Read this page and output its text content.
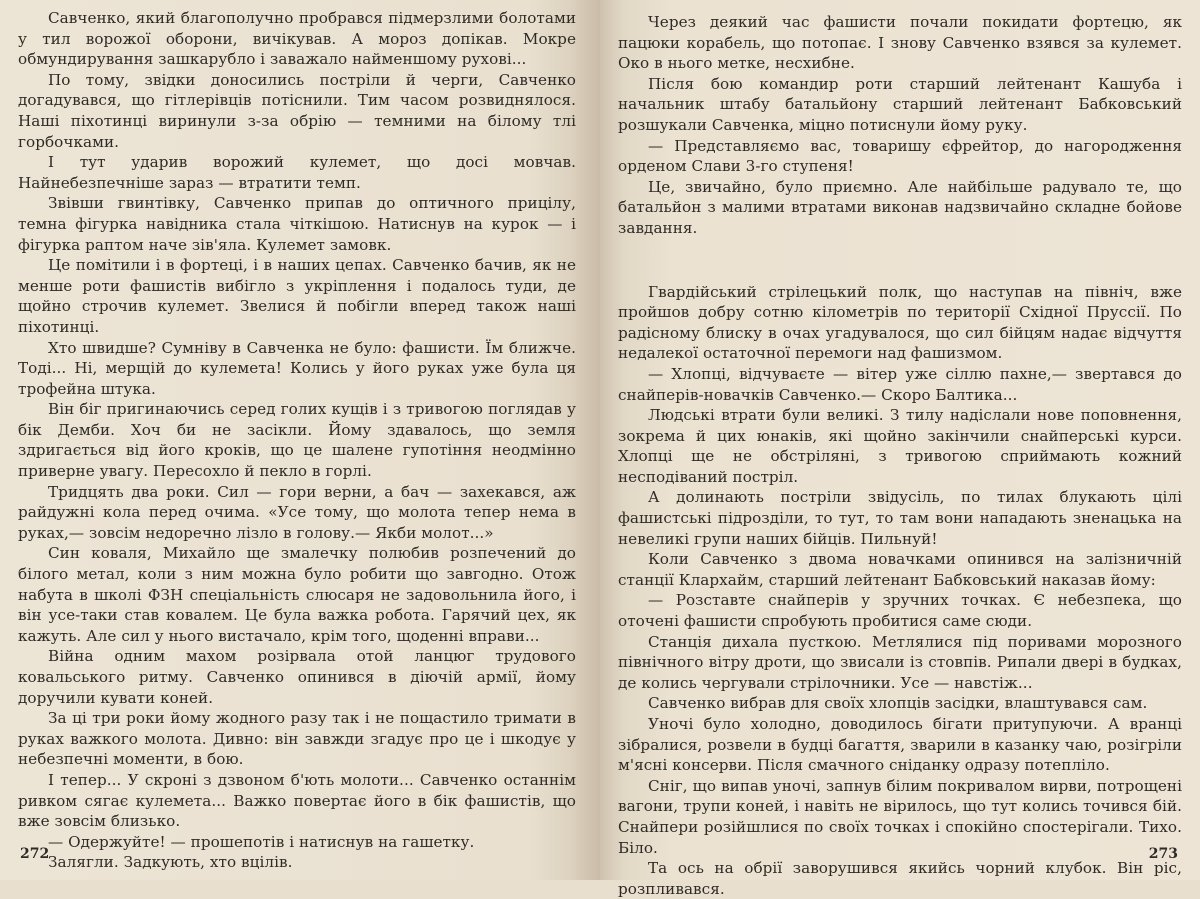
Савченко, який благополучно пробрався підмерзлими болотами у тил ворожої оборони, вичікував. А мороз допікав. Мокре обмундирування зашкарубло і заважало найменшому рухові...

По тому, звідки доносились постріли й черги, Савченко догадувався, що гітлерівців потіснили. Тим часом розвиднялося. Наші піхотинці виринули з-за обрію — темними на білому тлі горбочками.

І тут ударив ворожий кулемет, що досі мовчав. Найнебезпечніше зараз — втратити темп.

Звівши гвинтівку, Савченко припав до оптичного прицілу, темна фігурка навідника стала чіткішою. Натиснув на курок — і фігурка раптом наче зів'яла. Кулемет замовк.

Це помітили і в фортеці, і в наших цепах. Савченко бачив, як не менше роти фашистів вибігло з укріплення і подалось туди, де щойно строчив кулемет. Звелися й побігли вперед також наші піхотинці.

Хто швидше? Сумніву в Савченка не було: фашисти. Їм ближче. Тоді... Ні, мерщій до кулемета! Колись у його руках уже була ця трофейна штука.

Він біг пригинаючись серед голих кущів і з тривогою поглядав у бік Демби. Хоч би не засікли. Йому здавалось, що земля здригається від його кроків, що це шалене гупотіння неодмінно приверне увагу. Пересохло й пекло в горлі.

Тридцять два роки. Сил — гори верни, а бач — захекався, аж райдужні кола перед очима. «Усе тому, що молота тепер нема в руках,— зовсім недоречно лізло в голову.— Якби молот...»

Син коваля, Михайло ще змалечку полюбив розпечений до білого метал, коли з ним можна було робити що завгодно. Отож набута в школі ФЗН спеціальність слюсаря не задовольнила його, і він усе-таки став ковалем. Це була важка робота. Гарячий цех, як кажуть. Але сил у нього вистачало, крім того, щоденні вправи...

Війна одним махом розірвала отой ланцюг трудового ковальського ритму. Савченко опинився в діючій армії, йому доручили кувати коней.

За ці три роки йому жодного разу так і не пощастило тримати в руках важкого молота. Дивно: він завжди згадує про це і шкодує у небезпечні моменти, в бою.

І тепер... У скроні з дзвоном б'ють молоти... Савченко останнім ривком сягає кулемета... Важко повертає його в бік фашистів, що вже зовсім близько.

— Одержуйте! — прошепотів і натиснув на гашетку.

Залягли. Задкують, хто вцілів.

272

Через деякий час фашисти почали покидати фортецю, як пацюки корабель, що потопає. І знову Савченко взявся за кулемет. Око в нього метке, несхибне.

Після бою командир роти старший лейтенант Кашуба і начальник штабу батальйону старший лейтенант Бабковський розшукали Савченка, міцно потиснули йому руку.

— Представляємо вас, товаришу єфрейтор, до нагородження орденом Слави 3-го ступеня!

Це, звичайно, було приємно. Але найбільше радувало те, що батальйон з малими втратами виконав надзвичайно складне бойове завдання.

Гвардійський стрілецький полк, що наступав на північ, вже пройшов добру сотню кілометрів по території Східної Пруссії. По радісному блиску в очах угадувалося, що сил бійцям надає відчуття недалекої остаточної перемоги над фашизмом.

— Хлопці, відчуваєте — вітер уже сіллю пахне,— звертався до снайперів-новачків Савченко.— Скоро Балтика...

Людські втрати були великі. З тилу надіслали нове поповнення, зокрема й цих юнаків, які щойно закінчили снайперські курси. Хлопці ще не обстріляні, з тривогою сприймають кожний несподіваний постріл.

А долинають постріли звідусіль, по тилах блукають цілі фашистські підрозділи, то тут, то там вони нападають зненацька на невеликі групи наших бійців. Пильнуй!

Коли Савченко з двома новачками опинився на залізничній станції Клархайм, старший лейтенант Бабковський наказав йому:

— Розставте снайперів у зручних точках. Є небезпека, що оточені фашисти спробують пробитися саме сюди.

Станція дихала пусткою. Метлялися під поривами морозного північного вітру дроти, що звисали із стовпів. Рипали двері в будках, де колись чергували стрілочники. Усе — навстіж...

Савченко вибрав для своїх хлопців засідки, влаштувався сам.

Уночі було холодно, доводилось бігати притупуючи. А вранці зібралися, розвели в будці багаття, зварили в казанку чаю, розігріли м'ясні консерви. Після смачного сніданку одразу потепліло.

Сніг, що випав уночі, запнув білим покривалом вирви, потрощені вагони, трупи коней, і навіть не вірилось, що тут колись точився бій. Снайпери розійшлися по своїх точках і спокійно спостерігали. Тихо. Біло.

Та ось на обрії заворушився якийсь чорний клубок. Він ріс, розпливався.

273
